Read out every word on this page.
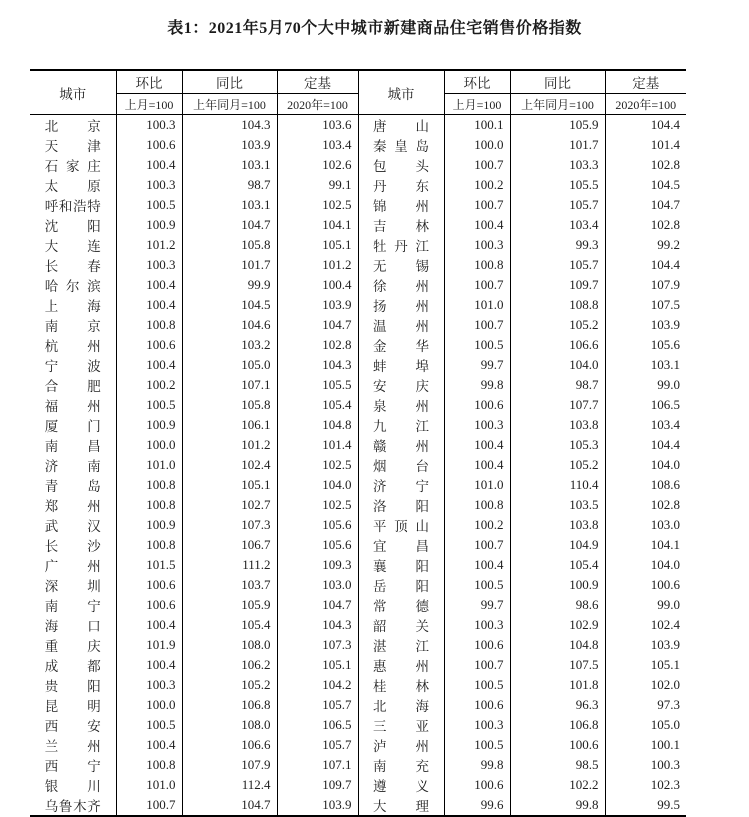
表1：2021年5月70个大中城市新建商品住宅销售价格指数
城市	环比	同比	定基	城市	环比	同比	定基
	上月=100	上年同月=100	2020年=100		上月=100	上年同月=100	2020年=100

北京	100.3	104.3	103.6	唐山	100.1	105.9	104.4

天津	100.6	103.9	103.4	秦皇岛	100.0	101.7	101.4

石家庄	100.4	103.1	102.6	包头	100.7	103.3	102.8

太原	100.3	98.7	99.1	丹东	100.2	105.5	104.5

呼和浩特	100.5	103.1	102.5	锦州	100.7	105.7	104.7

沈阳	100.9	104.7	104.1	吉林	100.4	103.4	102.8

大连	101.2	105.8	105.1	牡丹江	100.3	99.3	99.2

长春	100.3	101.7	101.2	无锡	100.8	105.7	104.4

哈尔滨	100.4	99.9	100.4	徐州	100.7	109.7	107.9

上海	100.4	104.5	103.9	扬州	101.0	108.8	107.5

南京	100.8	104.6	104.7	温州	100.7	105.2	103.9

杭州	100.6	103.2	102.8	金华	100.5	106.6	105.6

宁波	100.4	105.0	104.3	蚌埠	99.7	104.0	103.1

合肥	100.2	107.1	105.5	安庆	99.8	98.7	99.0

福州	100.5	105.8	105.4	泉州	100.6	107.7	106.5

厦门	100.9	106.1	104.8	九江	100.3	103.8	103.4

南昌	100.0	101.2	101.4	赣州	100.4	105.3	104.4

济南	101.0	102.4	102.5	烟台	100.4	105.2	104.0

青岛	100.8	105.1	104.0	济宁	101.0	110.4	108.6

郑州	100.8	102.7	102.5	洛阳	100.8	103.5	102.8

武汉	100.9	107.3	105.6	平顶山	100.2	103.8	103.0

长沙	100.8	106.7	105.6	宜昌	100.7	104.9	104.1

广州	101.5	111.2	109.3	襄阳	100.4	105.4	104.0

深圳	100.6	103.7	103.0	岳阳	100.5	100.9	100.6

南宁	100.6	105.9	104.7	常德	99.7	98.6	99.0

海口	100.4	105.4	104.3	韶关	100.3	102.9	102.4

重庆	101.9	108.0	107.3	湛江	100.6	104.8	103.9

成都	100.4	106.2	105.1	惠州	100.7	107.5	105.1

贵阳	100.3	105.2	104.2	桂林	100.5	101.8	102.0

昆明	100.0	106.8	105.7	北海	100.6	96.3	97.3

西安	100.5	108.0	106.5	三亚	100.3	106.8	105.0

兰州	100.4	106.6	105.7	泸州	100.5	100.6	100.1

西宁	100.8	107.9	107.1	南充	99.8	98.5	100.3

银川	101.0	112.4	109.7	遵义	100.6	102.2	102.3

乌鲁木齐	100.7	104.7	103.9	大理	99.6	99.8	99.5
